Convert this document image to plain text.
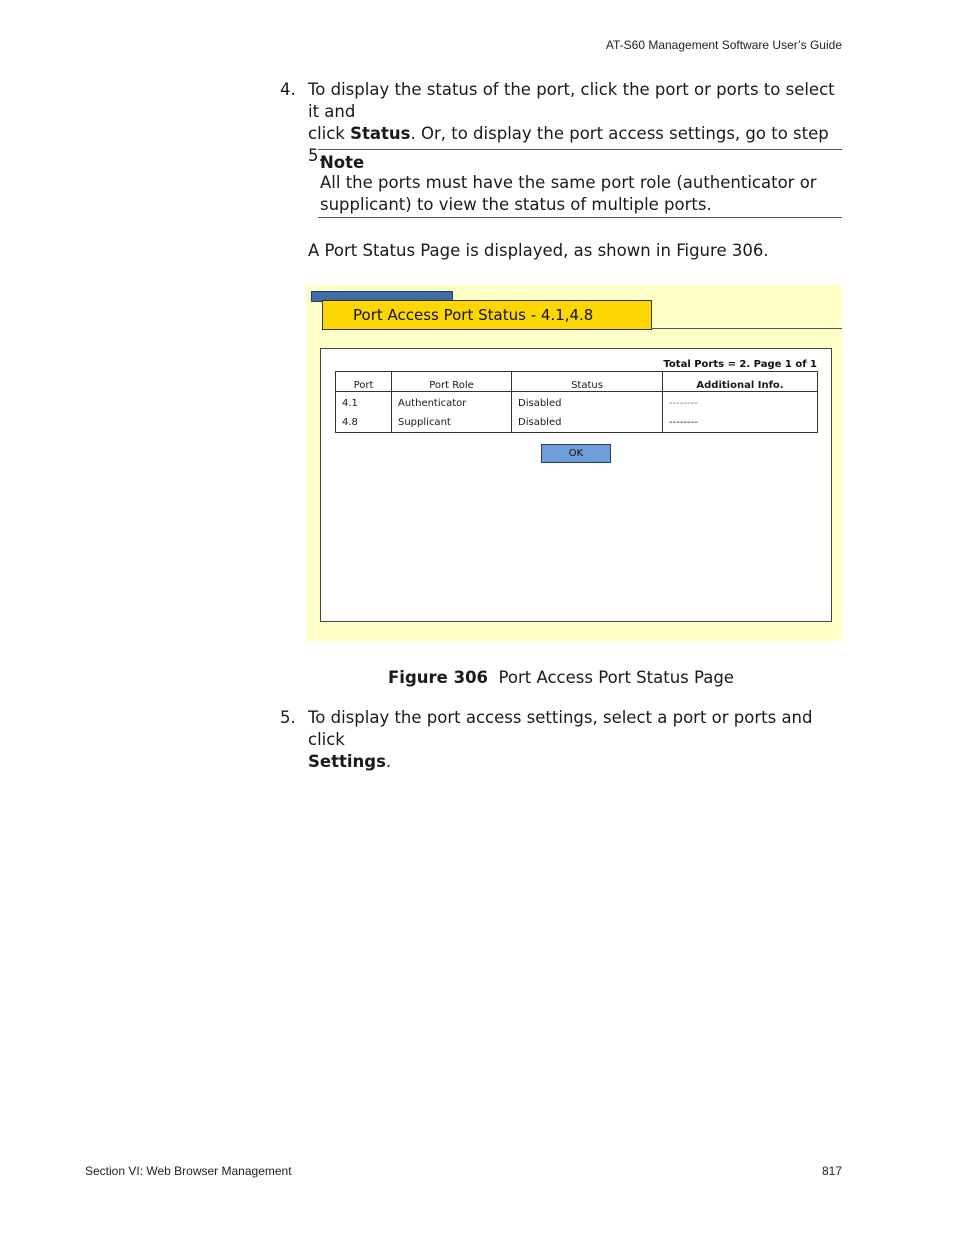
AT-S60 Management Software User’s Guide
4. To display the status of the port, click the port or ports to select it and
click Status. Or, to display the port access settings, go to step 5.
Note
All the ports must have the same port role (authenticator or
supplicant) to view the status of multiple ports.
A Port Status Page is displayed, as shown in Figure 306.
Port Access Port Status - 4.1,4.8
Total Ports = 2. Page 1 of 1
Port	Port Role	Status	Additional Info.
4.1	Authenticator	Disabled	--------
4.8	Supplicant	Disabled	--------
OK
Figure 306 Port Access Port Status Page
5. To display the port access settings, select a port or ports and click
Settings.
Section VI: Web Browser Management	817
